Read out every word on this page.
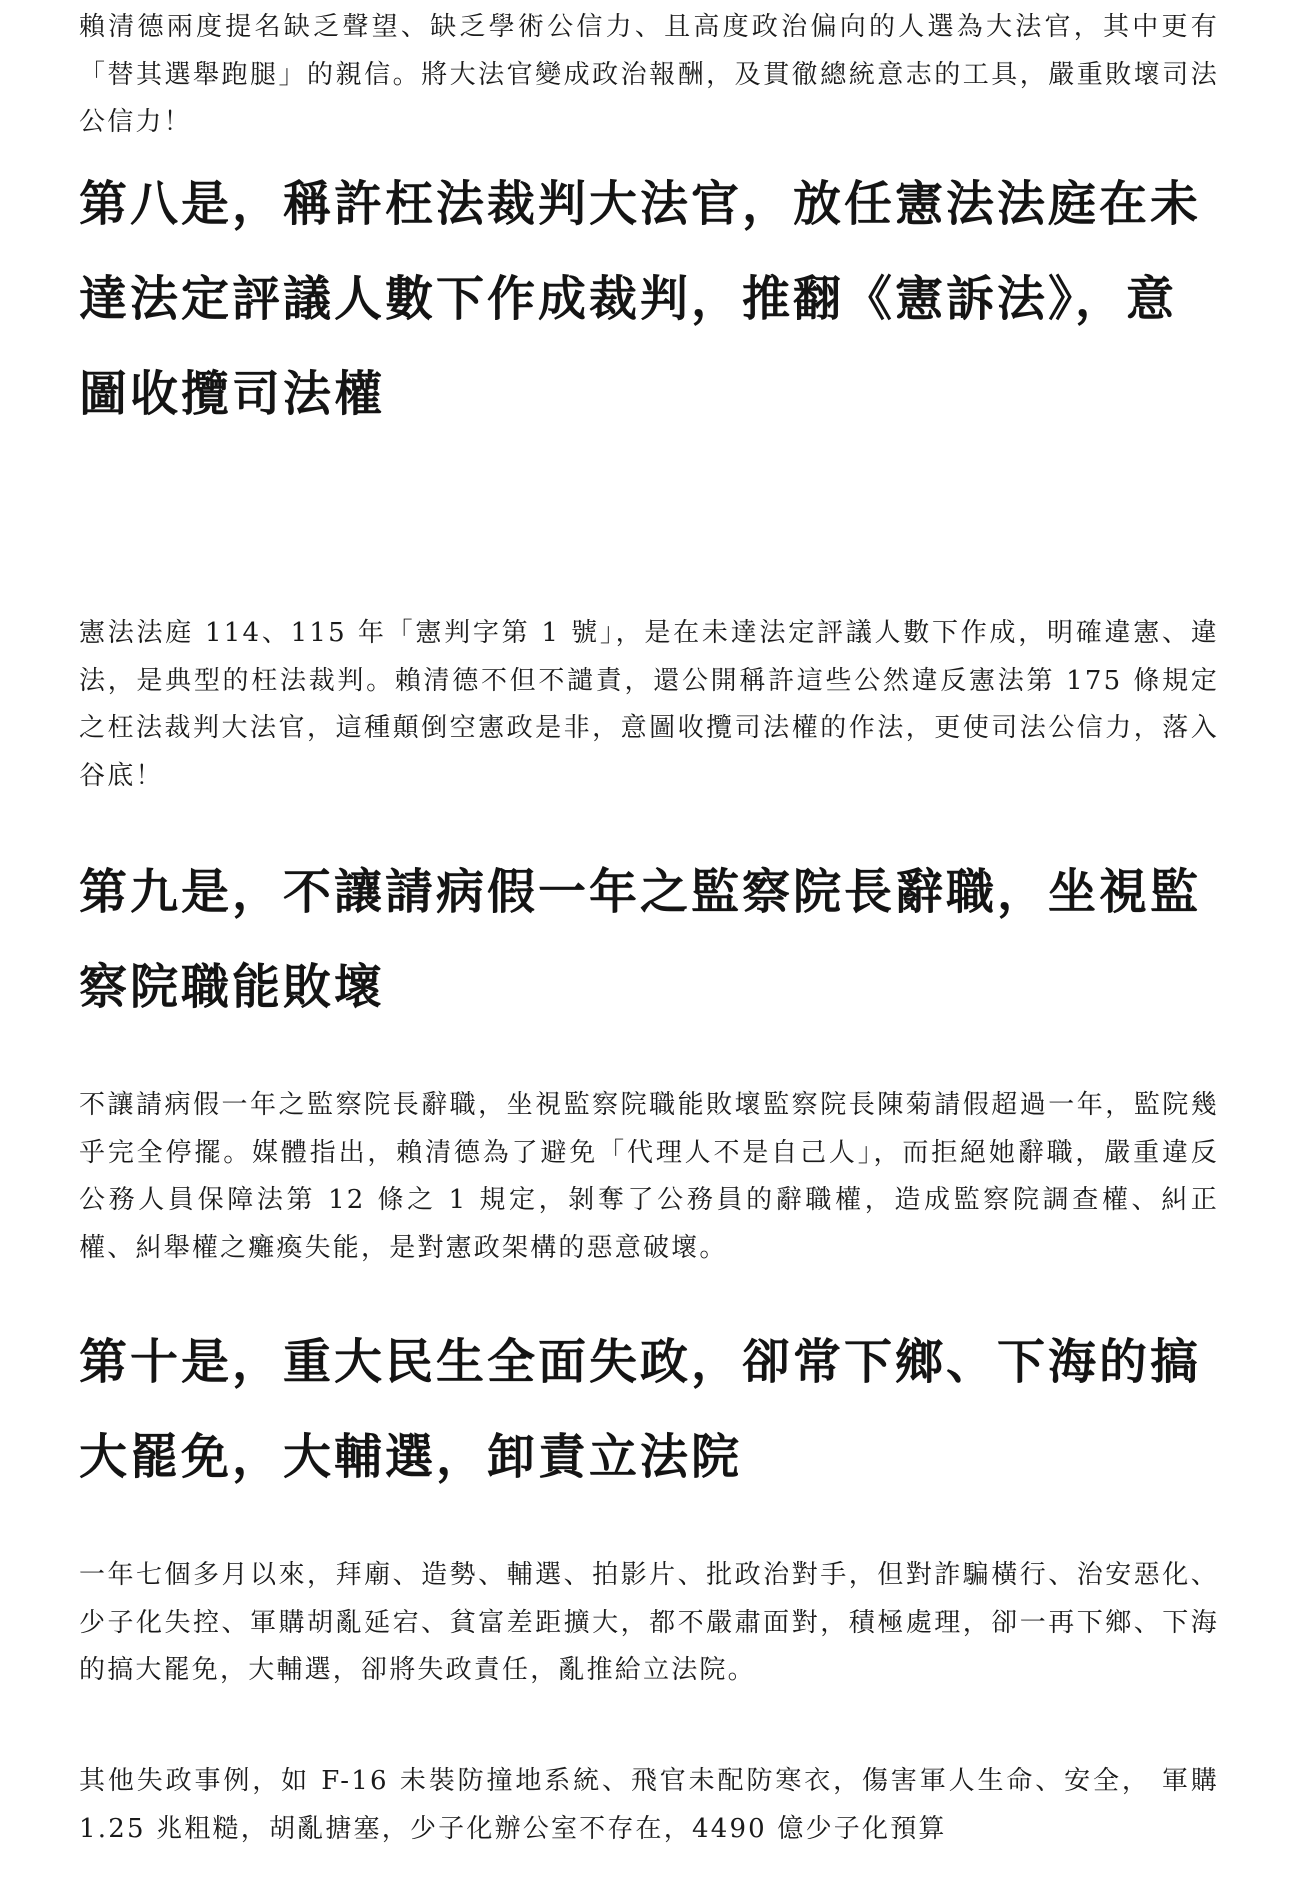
賴清德兩度提名缺乏聲望、缺乏學術公信力、且高度政治偏向的人選為大法官，其中更有「替其選舉跑腿」的親信。將大法官變成政治報酬，及貫徹總統意志的工具，嚴重敗壞司法公信力！

第八是，稱許枉法裁判大法官，放任憲法法庭在未達法定評議人數下作成裁判，推翻《憲訴法》，意圖收攬司法權

憲法法庭 114、115 年「憲判字第 1 號」，是在未達法定評議人數下作成，明確違憲、違法，是典型的枉法裁判。賴清德不但不譴責，還公開稱許這些公然違反憲法第 175 條規定之枉法裁判大法官，這種顛倒空憲政是非，意圖收攬司法權的作法，更使司法公信力，落入谷底！

第九是，不讓請病假一年之監察院長辭職，坐視監察院職能敗壞

不讓請病假一年之監察院長辭職，坐視監察院職能敗壞監察院長陳菊請假超過一年，監院幾乎完全停擺。媒體指出，賴清德為了避免「代理人不是自己人」，而拒絕她辭職，嚴重違反公務人員保障法第 12 條之 1 規定，剝奪了公務員的辭職權，造成監察院調查權、糾正權、糾舉權之癱瘓失能，是對憲政架構的惡意破壞。

第十是，重大民生全面失政，卻常下鄉、下海的搞大罷免，大輔選，卸責立法院

一年七個多月以來，拜廟、造勢、輔選、拍影片、批政治對手，但對詐騙橫行、治安惡化、少子化失控、軍購胡亂延宕、貧富差距擴大，都不嚴肅面對，積極處理，卻一再下鄉、下海的搞大罷免，大輔選，卻將失政責任，亂推給立法院。

其他失政事例，如 F-16 未裝防撞地系統、飛官未配防寒衣，傷害軍人生命、安全， 軍購 1.25 兆粗糙，胡亂搪塞，少子化辦公室不存在，4490 億少子化預算
